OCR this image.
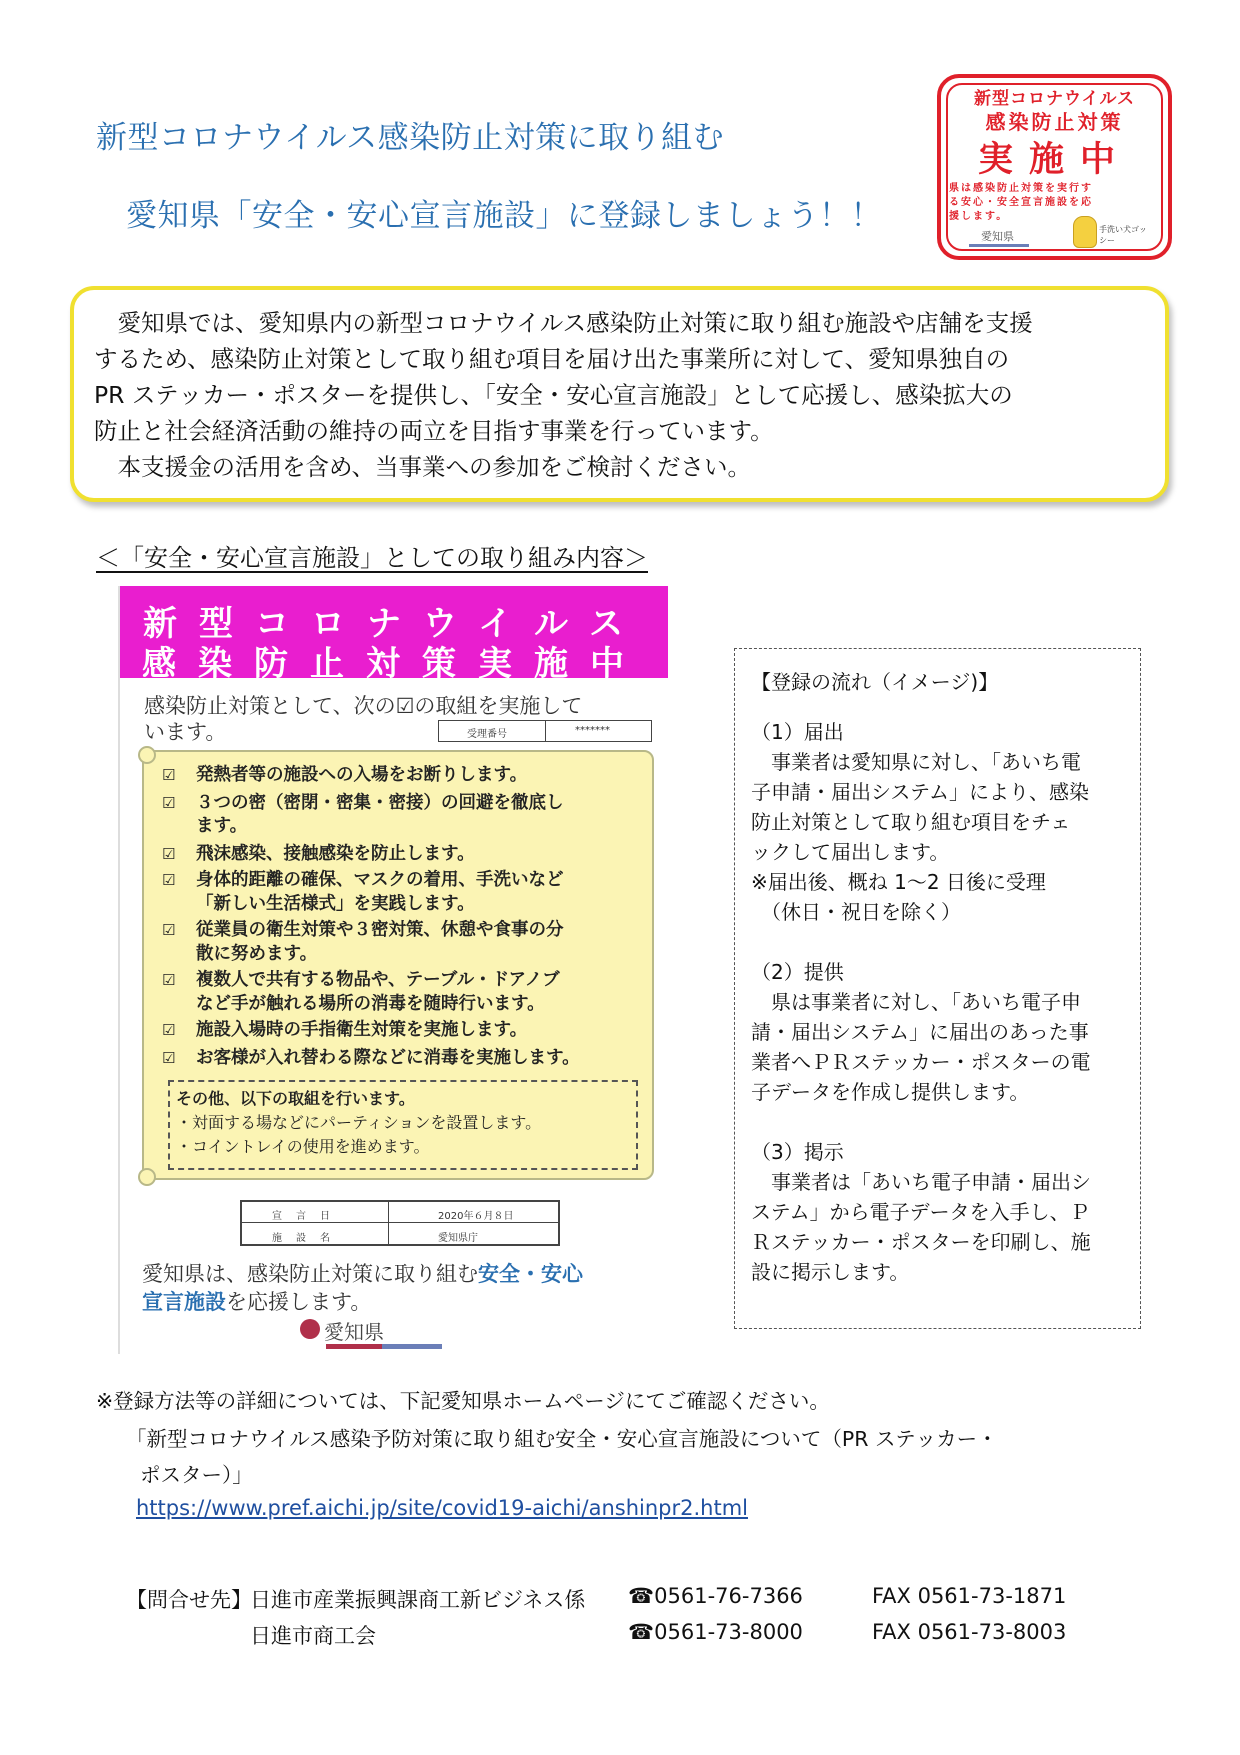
新型コロナウイルス感染防止対策に取り組む
愛知県「安全・安心宣言施設」に登録しましょう！！
新型コロナウイルス
感染防止対策
実施中
県は感染防止対策を実行する安心・安全宣言施設を応援します。
愛知県
手洗い犬ゴッシー

　愛知県では、愛知県内の新型コロナウイルス感染防止対策に取り組む施設や店舗を支援

するため、感染防止対策として取り組む項目を届け出た事業所に対して、愛知県独自の

PR ステッカー・ポスターを提供し、「安全・安心宣言施設」として応援し、感染拡大の

防止と社会経済活動の維持の両立を目指す事業を行っています。

　本支援金の活用を含め、当事業への参加をご検討ください。

＜「安全・安心宣言施設」としての取り組み内容＞
新型コロナウイルス
感染防止対策実施中
感染防止対策として、次の☑の取組を実施して
います。	受理番号	*******
☑ 発熱者等の施設への入場をお断りします。
☑ ３つの密（密閉・密集・密接）の回避を徹底し
ます。
☑ 飛沫感染、接触感染を防止します。
☑ 身体的距離の確保、マスクの着用、手洗いなど
「新しい生活様式」を実践します。
☑ 従業員の衛生対策や３密対策、休憩や食事の分
散に努めます。
☑ 複数人で共有する物品や、テーブル・ドアノブ
など手が触れる場所の消毒を随時行います。
☑ 施設入場時の手指衛生対策を実施します。
☑ お客様が入れ替わる際などに消毒を実施します。

その他、以下の取組を行います。

・対面する場などにパーティションを設置します。

・コイントレイの使用を進めます。

宣言日	2020年６月８日
施設名	愛知県庁
愛知県は、感染防止対策に取り組む安全・安心
宣言施設を応援します。
愛知県

【登録の流れ（イメージ)】

（1）届出

　事業者は愛知県に対し、「あいち電

子申請・届出システム」により、感染

防止対策として取り組む項目をチェ

ックして届出します。

※届出後、概ね 1～2 日後に受理

　（休日・祝日を除く）

（2）提供

　県は事業者に対し、「あいち電子申

請・届出システム」に届出のあった事

業者へＰＲステッカー・ポスターの電

子データを作成し提供します。

（3）掲示

　事業者は「あいち電子申請・届出シ

ステム」から電子データを入手し、Ｐ

Ｒステッカー・ポスターを印刷し、施

設に掲示します。

※登録方法等の詳細については、下記愛知県ホームページにてご確認ください。
「新型コロナウイルス感染予防対策に取り組む安全・安心宣言施設について（PR ステッカー・
ポスター）」
https://www.pref.aichi.jp/site/covid19-aichi/anshinpr2.html
【問合せ先】
日進市産業振興課商工新ビジネス係 ☎0561-76-7366	FAX 0561-73-1871
日進市商工会	☎0561-73-8000	FAX 0561-73-8003
